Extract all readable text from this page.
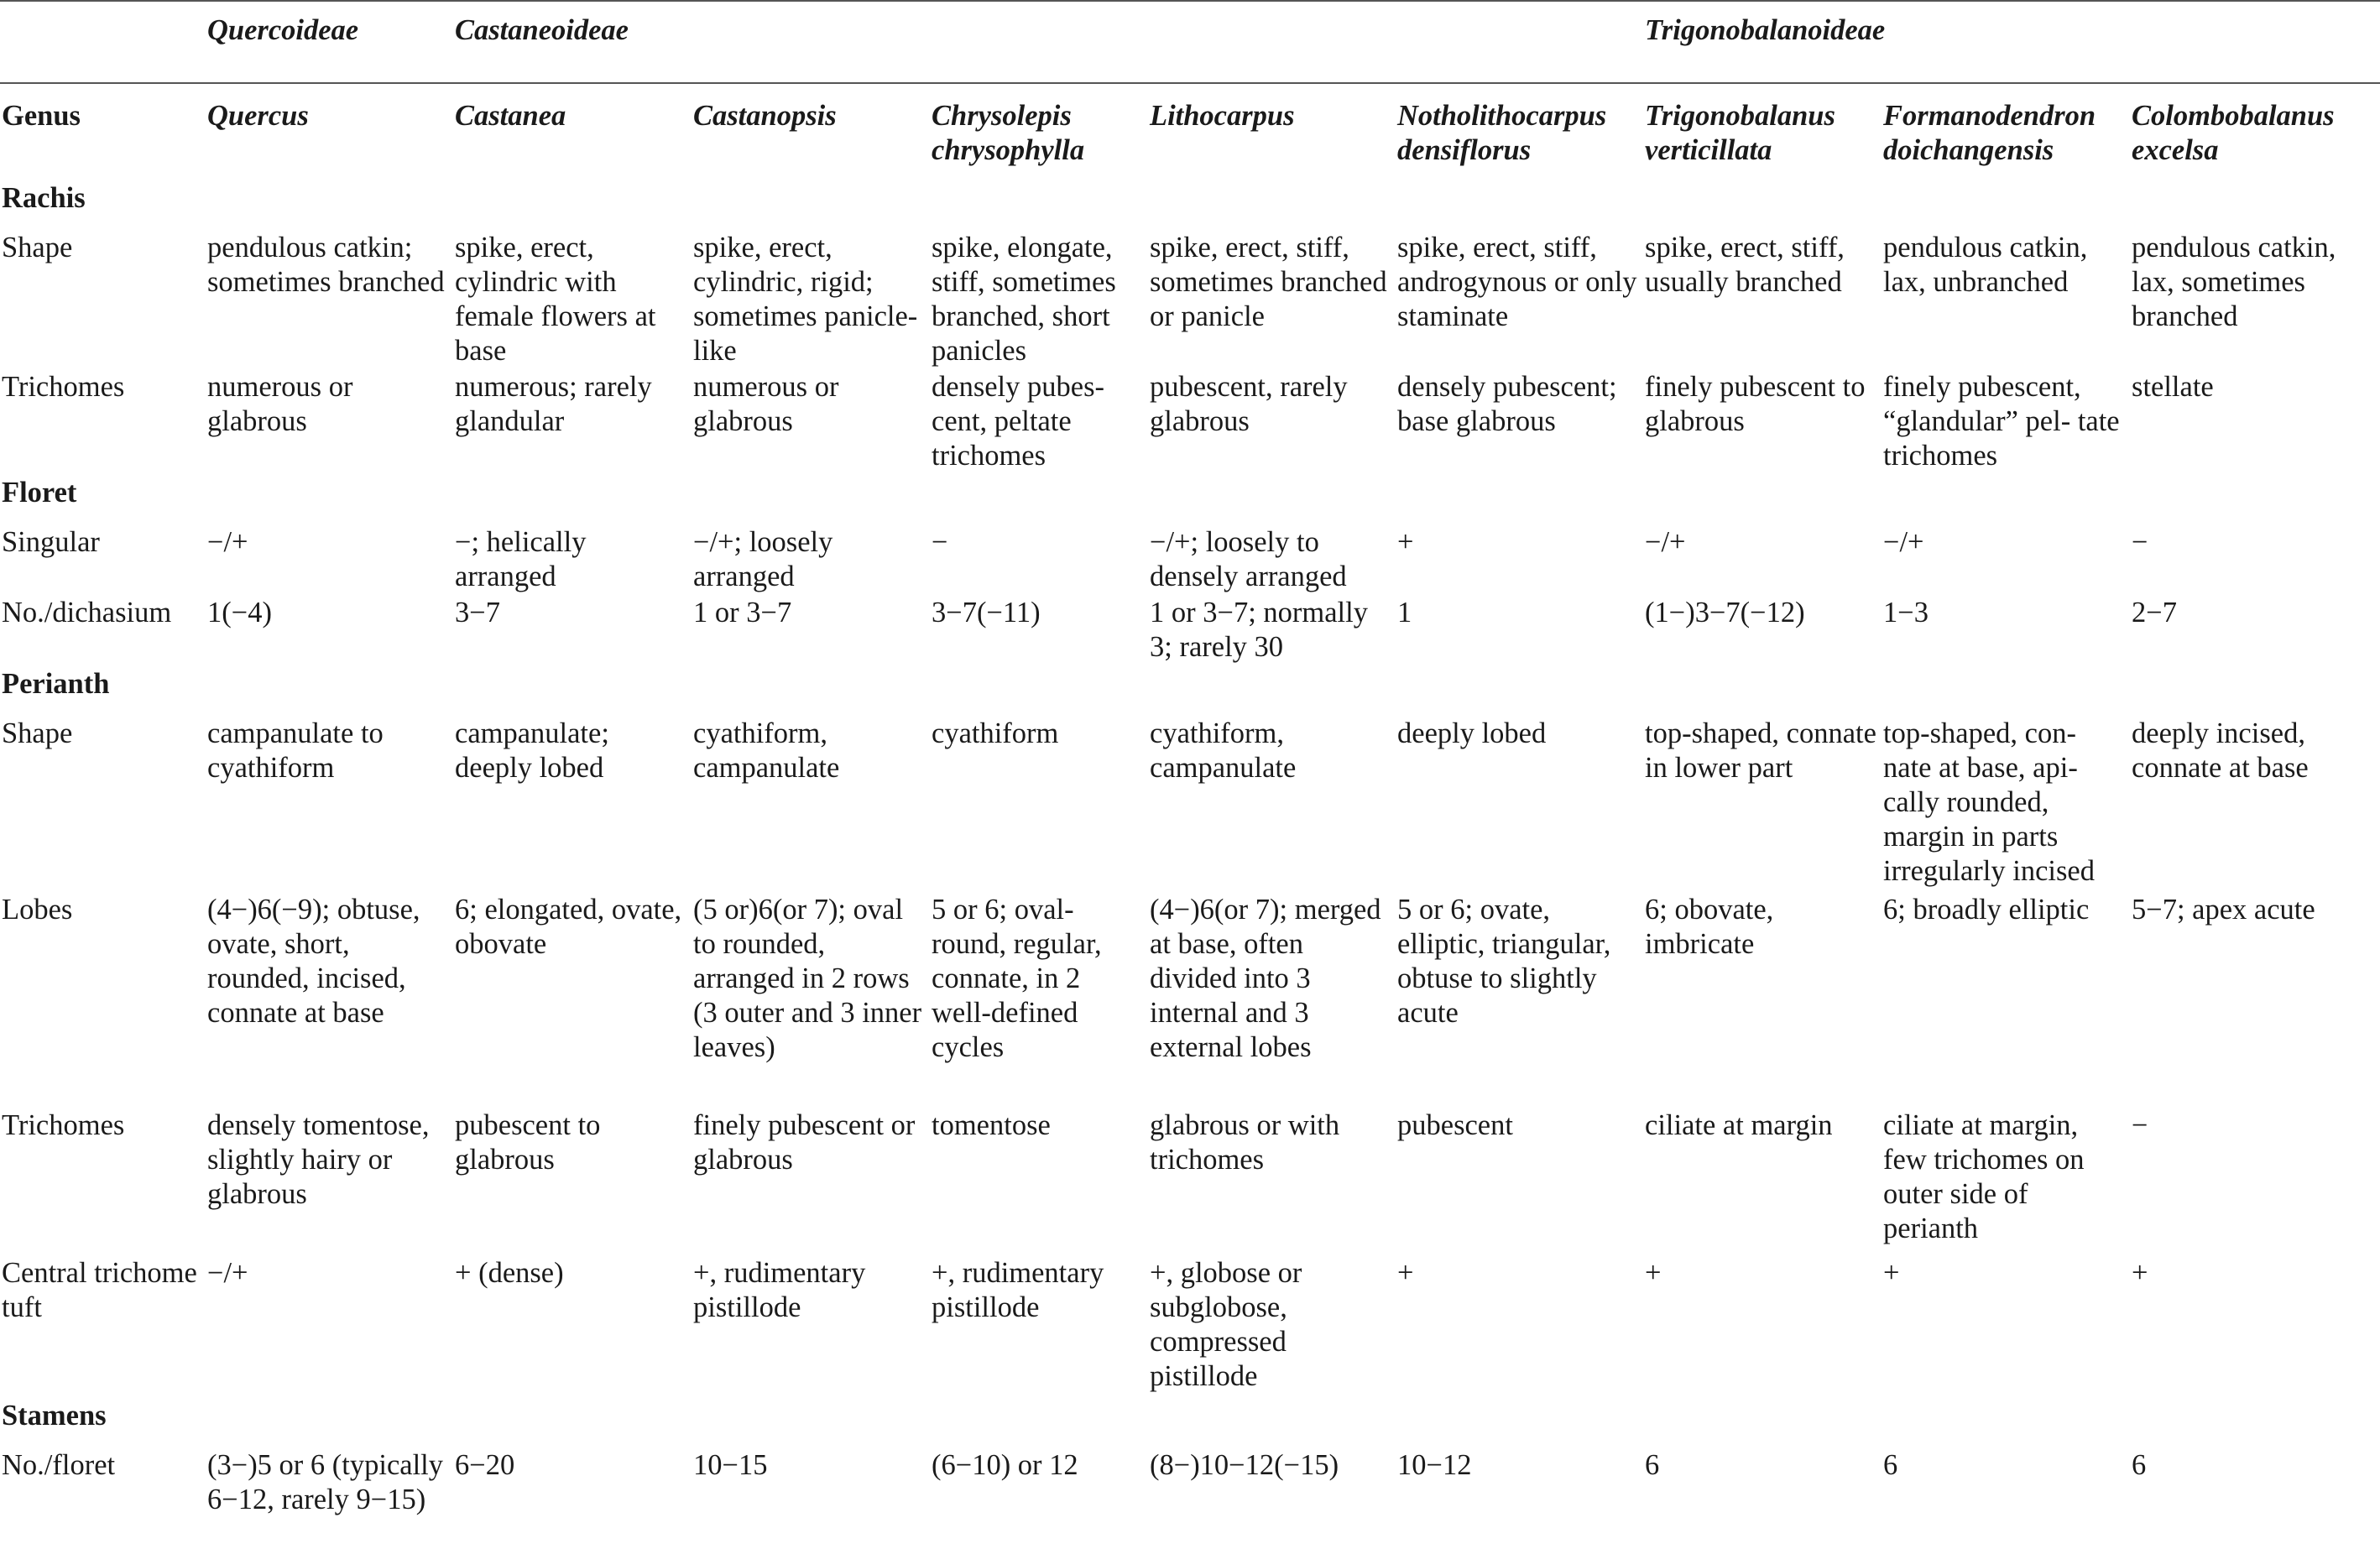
	Quercoideae	Castaneoideae					Trigonobalanoideae		
Genus	Quercus	Castanea	Castanopsis	Chrysolepis chrysophylla	Lithocarpus	Notholithocarpus densiflorus	Trigonobalanus verticillata	Formanodendron doichangensis	Colombobalanus excelsa
Rachis									
Shape	pendulous catkin; sometimes branched	spike, erect, cylindric with female flowers at base	spike, erect, cylindric, rigid; sometimes panicle-like	spike, elongate, stiff, sometimes branched, short panicles	spike, erect, stiff, sometimes branched or panicle	spike, erect, stiff, androgynous or only staminate	spike, erect, stiff, usually branched	pendulous catkin, lax, unbranched	pendulous catkin, lax, sometimes branched
Trichomes	numerous or glabrous	numerous; rarely glandular	numerous or glabrous	densely pubes- cent, peltate trichomes	pubescent, rarely glabrous	densely pubescent; base glabrous	finely pubescent to glabrous	finely pubescent, “glandular” pel- tate trichomes	stellate
Floret									
Singular	−/+	−; helically arranged	−/+; loosely arranged	−	−/+; loosely to densely arranged	+	−/+	−/+	−
No./dichasium	1(−4)	3−7	1 or 3−7	3−7(−11)	1 or 3−7; normally 3; rarely 30	1	(1−)3−7(−12)	1−3	2−7
Perianth									
Shape	campanulate to cyathiform	campanulate; deeply lobed	cyathiform, campanulate	cyathiform	cyathiform, campanulate	deeply lobed	top-shaped, connate in lower part	top-shaped, con- nate at base, api- cally rounded, margin in parts irregularly incised	deeply incised, connate at base
Lobes	(4−)6(−9); obtuse, ovate, short, rounded, incised, connate at base	6; elongated, ovate, obovate	(5 or)6(or 7); oval to rounded, arranged in 2 rows (3 outer and 3 inner leaves)	5 or 6; oval- round, regular, connate, in 2 well-defined cycles	(4−)6(or 7); merged at base, often divided into 3 internal and 3 external lobes	5 or 6; ovate, elliptic, triangular, obtuse to slightly acute	6; obovate, imbricate	6; broadly elliptic	5−7; apex acute
Trichomes	densely tomentose, slightly hairy or glabrous	pubescent to glabrous	finely pubescent or glabrous	tomentose	glabrous or with trichomes	pubescent	ciliate at margin	ciliate at margin, few trichomes on outer side of perianth	−
Central trichome tuft	−/+	+ (dense)	+, rudimentary pistillode	+, rudimentary pistillode	+, globose or subglobose, compressed pistillode	+	+	+	+
Stamens									
No./floret	(3−)5 or 6 (typically 6−12, rarely 9−15)	6−20	10−15	(6−10) or 12	(8−)10−12(−15)	10−12	6	6	6
